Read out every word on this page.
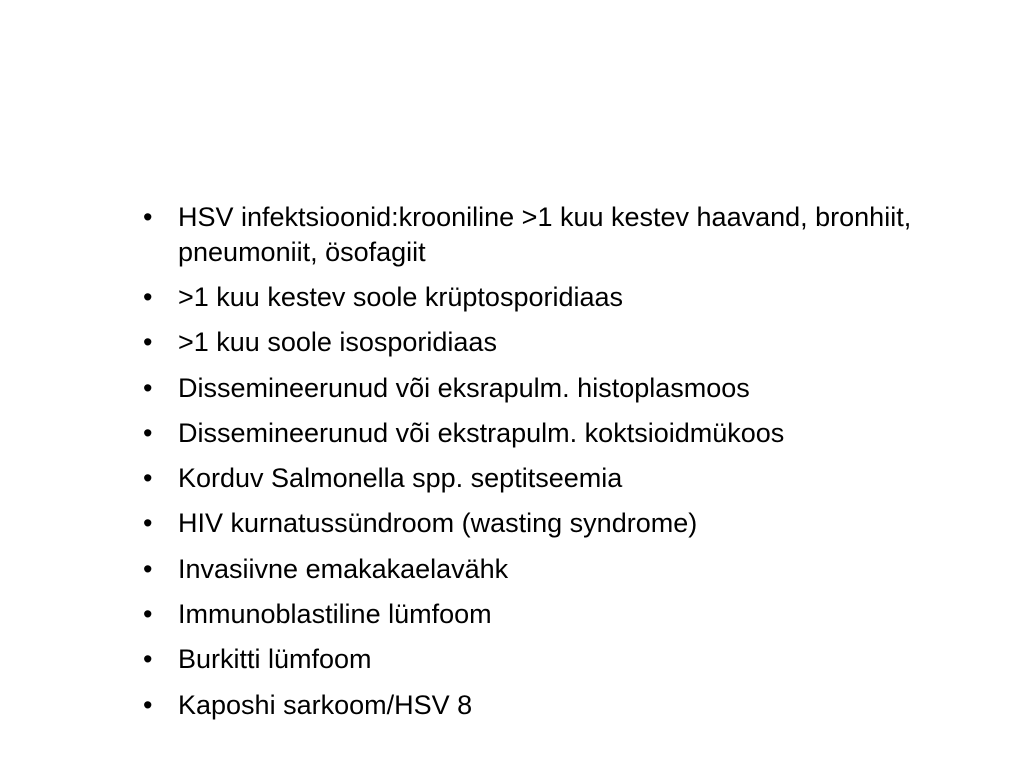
• HSV infektsioonid:krooniline >1 kuu kestev haavand, bronhiit, pneumoniit, ösofagiit
• >1 kuu kestev soole krüptosporidiaas
• >1 kuu soole isosporidiaas
• Dissemineerunud või eksrapulm. histoplasmoos
• Dissemineerunud või ekstrapulm. koktsioidmükoos
• Korduv Salmonella spp. septitseemia
• HIV kurnatussündroom (wasting syndrome)
• Invasiivne emakakaelavähk
• Immunoblastiline lümfoom
• Burkitti lümfoom
• Kaposhi sarkoom/HSV 8
